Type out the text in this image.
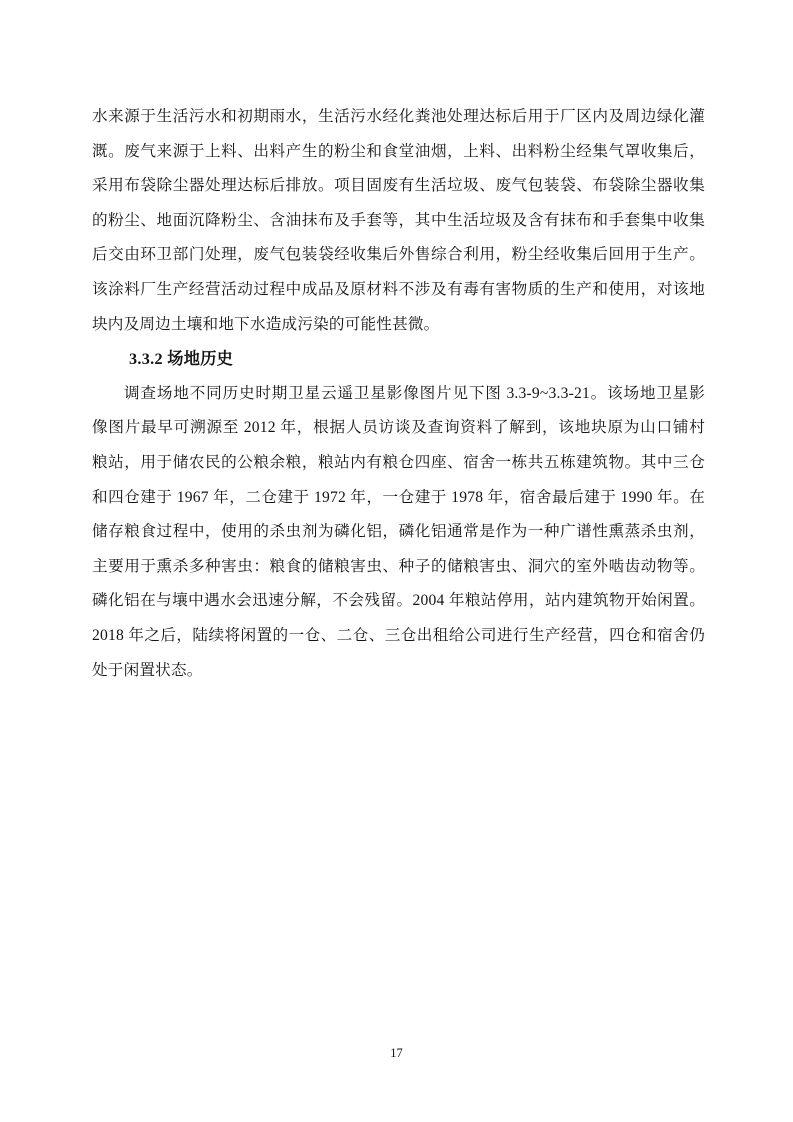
水来源于生活污水和初期雨水，生活污水经化粪池处理达标后用于厂区内及周边绿化灌
溉。废气来源于上料、出料产生的粉尘和食堂油烟，上料、出料粉尘经集气罩收集后，
采用布袋除尘器处理达标后排放。项目固废有生活垃圾、废气包装袋、布袋除尘器收集
的粉尘、地面沉降粉尘、含油抹布及手套等，其中生活垃圾及含有抹布和手套集中收集
后交由环卫部门处理，废气包装袋经收集后外售综合利用，粉尘经收集后回用于生产。
该涂料厂生产经营活动过程中成品及原材料不涉及有毒有害物质的生产和使用，对该地
块内及周边土壤和地下水造成污染的可能性甚微。
3.3.2 场地历史
调查场地不同历史时期卫星云遥卫星影像图片见下图 3.3-9~3.3-21。该场地卫星影
像图片最早可溯源至 2012 年，根据人员访谈及查询资料了解到，该地块原为山口铺村
粮站，用于储农民的公粮余粮，粮站内有粮仓四座、宿舍一栋共五栋建筑物。其中三仓
和四仓建于 1967 年，二仓建于 1972 年，一仓建于 1978 年，宿舍最后建于 1990 年。在
储存粮食过程中，使用的杀虫剂为磷化铝，磷化铝通常是作为一种广谱性熏蒸杀虫剂，
主要用于熏杀多种害虫：粮食的储粮害虫、种子的储粮害虫、洞穴的室外啮齿动物等。
磷化铝在与壤中遇水会迅速分解，不会残留。2004 年粮站停用，站内建筑物开始闲置。
2018 年之后，陆续将闲置的一仓、二仓、三仓出租给公司进行生产经营，四仓和宿舍仍
处于闲置状态。
17
